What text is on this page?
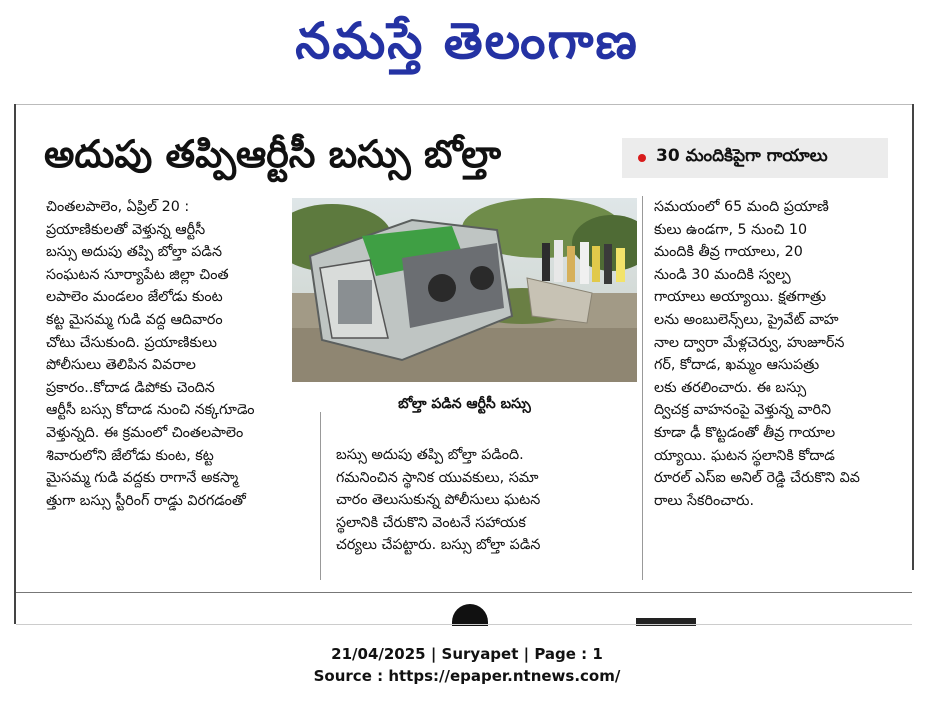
నమస్తే తెలంగాణ
అదుపు తప్పిఆర్టీసీ బస్సు బోల్తా	30 మందికిపైగా గాయాలు
చింతలపాలెం, ఏప్రిల్ 20 :
ప్రయాణికులతో వెళ్తున్న ఆర్టీసీ
బస్సు అదుపు తప్పి బోల్తా పడిన
సంఘటన సూర్యాపేట జిల్లా చింత
లపాలెం మండలం జేలోడు కుంట
కట్ట మైసమ్మ గుడి వద్ద ఆదివారం
చోటు చేసుకుంది. ప్రయాణికులు
పోలీసులు తెలిపిన వివరాల
ప్రకారం..కోదాడ డిపోకు చెందిన
ఆర్టీసీ బస్సు కోదాడ నుంచి నక్కగూడెం
వెళ్తున్నది. ఈ క్రమంలో చింతలపాలెం
శివారులోని జేలోడు కుంట, కట్ట
మైసమ్మ గుడి వద్దకు రాగానే అకస్మా
త్తుగా బస్సు స్టీరింగ్ రాడ్డు విరగడంతో
బోల్తా పడిన ఆర్టీసీ బస్సు
బస్సు అదుపు తప్పి బోల్తా పడింది.
గమనించిన స్థానిక యువకులు, సమా
చారం తెలుసుకున్న పోలీసులు ఘటన
స్థలానికి చేరుకొని వెంటనే సహాయక
చర్యలు చేపట్టారు. బస్సు బోల్తా పడిన
సమయంలో 65 మంది ప్రయాణి
కులు ఉండగా, 5 నుంచి 10
మందికి తీవ్ర గాయాలు, 20
నుండి 30 మందికి స్వల్ప
గాయాలు అయ్యాయి. క్షతగాత్రు
లను అంబులెన్స్‌లు, ప్రైవేట్ వాహ
నాల ద్వారా మేళ్లచెర్వు, హుజూర్‌న
గర్, కోదాడ, ఖమ్మం ఆసుపత్రు
లకు తరలించారు. ఈ బస్సు
ద్విచక్ర వాహనంపై వెళ్తున్న వారిని
కూడా ఢీ కొట్టడంతో తీవ్ర గాయాల
య్యాయి. ఘటన స్థలానికి కోదాడ
రూరల్ ఎస్ఐ అనిల్ రెడ్డి చేరుకొని వివ
రాలు సేకరించారు.
21/04/2025 | Suryapet | Page : 1
Source : https://epaper.ntnews.com/
